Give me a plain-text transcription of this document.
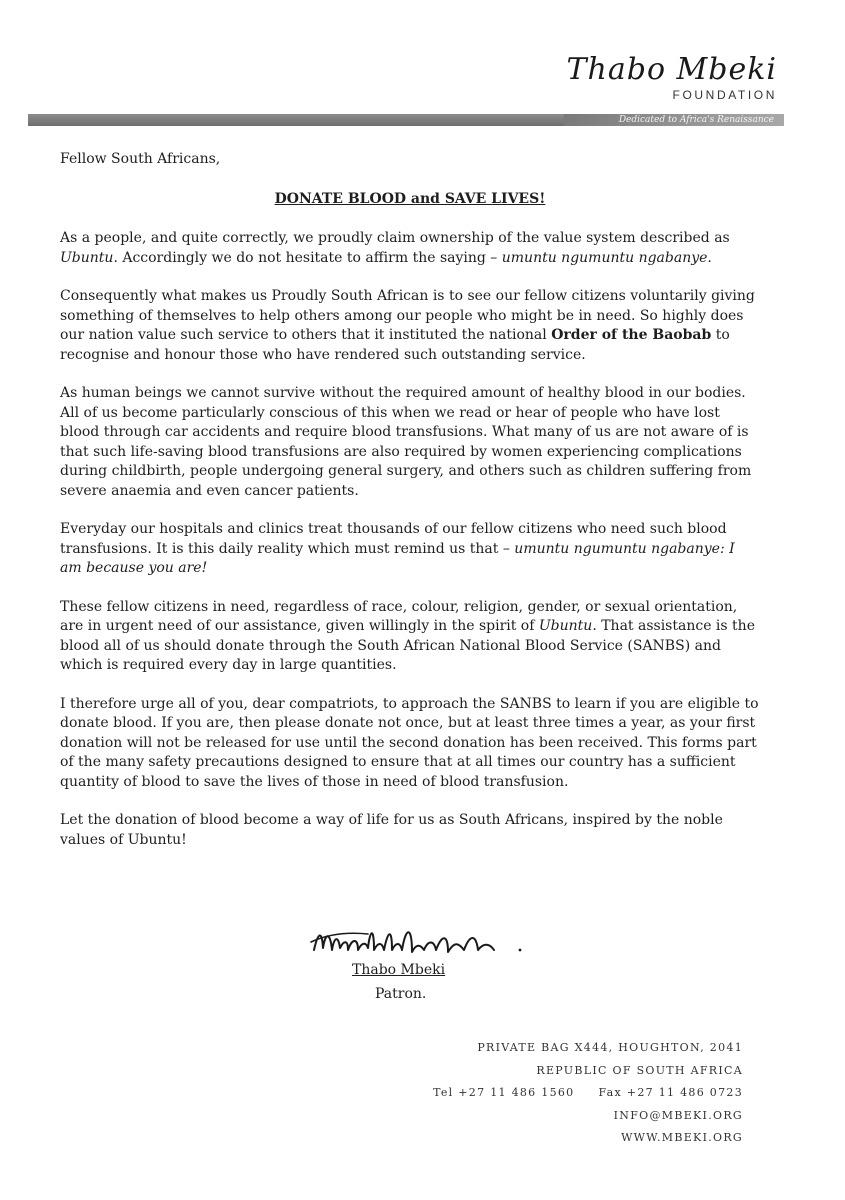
Thabo Mbeki
FOUNDATION
Dedicated to Africa's Renaissance

Fellow South Africans,

DONATE BLOOD and SAVE LIVES!

As a people, and quite correctly, we proudly claim ownership of the value system described as Ubuntu. Accordingly we do not hesitate to affirm the saying – umuntu ngumuntu ngabanye.

Consequently what makes us Proudly South African is to see our fellow citizens voluntarily giving something of themselves to help others among our people who might be in need. So highly does our nation value such service to others that it instituted the national Order of the Baobab to recognise and honour those who have rendered such outstanding service.

As human beings we cannot survive without the required amount of healthy blood in our bodies. All of us become particularly conscious of this when we read or hear of people who have lost blood through car accidents and require blood transfusions. What many of us are not aware of is that such life-saving blood transfusions are also required by women experiencing complications during childbirth, people undergoing general surgery, and others such as children suffering from severe anaemia and even cancer patients.

Everyday our hospitals and clinics treat thousands of our fellow citizens who need such blood transfusions. It is this daily reality which must remind us that – umuntu ngumuntu ngabanye: I am because you are!

These fellow citizens in need, regardless of race, colour, religion, gender, or sexual orientation, are in urgent need of our assistance, given willingly in the spirit of Ubuntu. That assistance is the blood all of us should donate through the South African National Blood Service (SANBS) and which is required every day in large quantities.

I therefore urge all of you, dear compatriots, to approach the SANBS to learn if you are eligible to donate blood. If you are, then please donate not once, but at least three times a year, as your first donation will not be released for use until the second donation has been received. This forms part of the many safety precautions designed to ensure that at all times our country has a sufficient quantity of blood to save the lives of those in need of blood transfusion.

Let the donation of blood become a way of life for us as South Africans, inspired by the noble values of Ubuntu!

Thabo Mbeki
Patron.
PRIVATE BAG X444, HOUGHTON, 2041
REPUBLIC OF SOUTH AFRICA
Tel +27 11 486 1560     Fax +27 11 486 0723
INFO@MBEKI.ORG
WWW.MBEKI.ORG
